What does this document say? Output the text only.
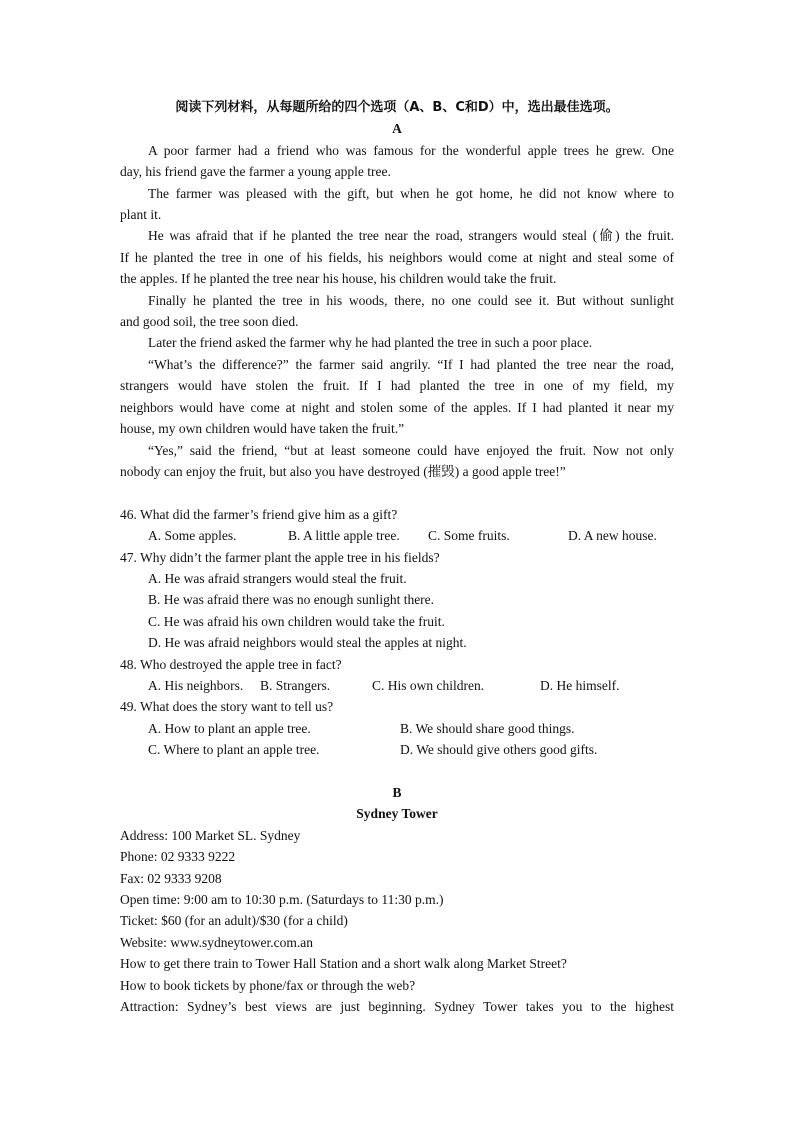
阅读下列材料，从每题所给的四个选项（A、B、C和D）中，选出最佳选项。
A
A poor farmer had a friend who was famous for the wonderful apple trees he grew. One
day, his friend gave the farmer a young apple tree.
The farmer was pleased with the gift, but when he got home, he did not know where to
plant it.
He was afraid that if he planted the tree near the road, strangers would steal (偷) the fruit.
If he planted the tree in one of his fields, his neighbors would come at night and steal some of
the apples. If he planted the tree near his house, his children would take the fruit.
Finally he planted the tree in his woods, there, no one could see it. But without sunlight
and good soil, the tree soon died.
Later the friend asked the farmer why he had planted the tree in such a poor place.
“What’s the difference?” the farmer said angrily. “If I had planted the tree near the road,
strangers would have stolen the fruit. If I had planted the tree in one of my field, my
neighbors would have come at night and stolen some of the apples. If I had planted it near my
house, my own children would have taken the fruit.”
“Yes,” said the friend, “but at least someone could have enjoyed the fruit. Now not only
nobody can enjoy the fruit, but also you have destroyed (摧毁) a good apple tree!”
46. What did the farmer’s friend give him as a gift?
A. Some apples.	B. A little apple tree.	C. Some fruits.	D. A new house.
47. Why didn’t the farmer plant the apple tree in his fields?
A. He was afraid strangers would steal the fruit.
B. He was afraid there was no enough sunlight there.
C. He was afraid his own children would take the fruit.
D. He was afraid neighbors would steal the apples at night.
48. Who destroyed the apple tree in fact?
A. His neighbors.	B. Strangers.	C. His own children.	D. He himself.
49. What does the story want to tell us?
A. How to plant an apple tree.	B. We should share good things.
C. Where to plant an apple tree.	D. We should give others good gifts.
B
Sydney Tower
Address: 100 Market SL. Sydney
Phone: 02 9333 9222
Fax: 02 9333 9208
Open time: 9:00 am to 10:30 p.m. (Saturdays to 11:30 p.m.)
Ticket: $60 (for an adult)/$30 (for a child)
Website: www.sydneytower.com.an
How to get there train to Tower Hall Station and a short walk along Market Street?
How to book tickets by phone/fax or through the web?
Attraction: Sydney’s best views are just beginning. Sydney Tower takes you to the highest
